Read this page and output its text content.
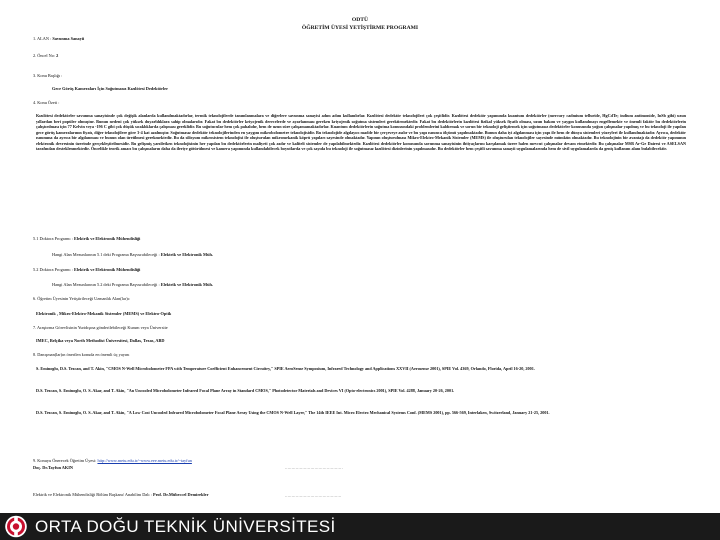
ODTÜ
ÖĞRETİM ÜYESİ YETİŞTİRME PROGRAMI
1. ALAN : Savunma Sanayii
2. Öncel No: 2
3. Konu Başlığı :
Gece Görüş Kameraları İçin Soğutmasız Kızılötesi Dedektörler
4. Konu Özeti :
Kızılötesi dedektörler savunma sanayisinde çok değişik alanlarda kullanılmaktadırlar, termik teknolojilerde tanımlanmalara ve diğerlere savunma sanayisi adım adım kullanılırlar. Kızılötesi dedektör teknolojileri çok çeşitlidir. Kızılötesi dedektör yapımında kuantum dedektörler (mercury cadmium telluride, HgCdTe; indium antimonide, InSb gibi) uzun yıllardan beri popüler olmuştur. Bunun nedeni çok yüksek duyarlılıklara sahip olmalarıdır. Fakat bu dedektörler kriyojenik derecelerde ve ayarlanması gereken kriyojenik soğutma sistemleri gerektirmektedir. Fakat bu dedektörlerin kızılötesi fizikal yüksek fiyatlı olması, uzun bakım ve yaygın kullanılmayı engellemekte ve önemli faktör bu dedektörlerin çalıştırılması için 77 Kelvin veya -196 C gibi çok düşük sıcaklıklarda çalışması gereklidir. Bu soğutucular hem çok pahalıdır, hem de uzun süre çalışamamaktadırlar. Kuantum dedektörlerin soğutma konusundaki problemlerini kaldırmak ve sorun bir teknoloji geliştirmek için soğutmasız dedektörler konusunda yoğun çalışmalar yapılmış ve bu teknoloji ile yapılan gece görüş kameralarının fiyatı, diğer teknolojilere göre 3-4 kat azalmıştır. Soğutmasız dedektör teknolojilerinden en yaygını mikrobolometre teknolojisidir. Bu teknolojide algılayıcı madde bir çerçeveye asılır ve bu yapı ısınınca ölçümü yapılmaktadır. Bunun daha iyi algılanması için yapı ile hem de dünya sistemleri yüzeyleri ile kullanılmaktadır. Ayrıca, dedektör ısınımına da ayrıca bir algılanması ve bunun olan üretilmesi gerekmektedir. Bu da silisyum mikrosistem teknolojisi ile oluşturulan mikromekanik köprü yapıları sayesinde olmaktadır. Yapının oluşturulması Mikro-Elektro-Mekanik Sistemler (MEMS) ile oluşturulan teknolojiler sayesinde mümkün olmaktadır. Bu teknolojinin bir avantajı da dedektör yapımının elektronik devresinin üzerinde gerçekleştirilmesidir. Bu gelişmiş yarıiletken teknolojisinin her yapılan bu dedektörlerin maliyeti çok azdır ve kaliteli sistemler de yapılabilmektedir. Kızılötesi dedektörler konusunda savunma sanayisinin ihtiyaçlarını karşılamak üzere halen mevcut çalışmalar devam etmektedir. Bu çalışmalar MSB Ar-Ge Dairesi ve ASELSAN tarafından desteklenmektedir. Öncelikle teorik amacı bu çalışmaların daha da ileriye götürülmesi ve kamera yapımında kullanılabilecek boyutlarda ve çok sayıda bu teknoloji ile soğutmasız kızılötesi dizinlerinin yapılmasıdır. Bu dedektörler hem çeşitli savunma sanayii uygulamalarında hem de sivil uygulamalarda da geniş kullanım alanı bulabilecektir.
5.1 Doktora Programı : Elektrik ve Elektronik Mühendisliği
Hangi Alan Mezunlarının 5.1 deki Programa Başvurabileceği : Elektrik ve Elektronik Müh.
5.2 Doktora Programı : Elektrik ve Elektronik Mühendisliği
Hangi Alan Mezunlarının 5.2 deki Programa Başvurabileceği : Elektrik ve Elektronik Müh.
6. Öğretim Üyesinin Yetiştirileceği Uzmanlık Alan(lar)ı:
Elektronik , Mikro-Elektro-Mekanik Sistemler (MEMS) ve Elektro-Optik
7. Araştırma Görevlisinin Yurtdışına gönderilebileceği Kurum veya Üniversite
IMEC, Belçika veya North Methodist Üniversitesi, Dallas, Texas, ABD
8. Danışman(lar)ın önerilen konuda en önemli üç yayını
S. Eminoglu, D.S. Tezcan, and T. Akin, "CMOS N-Well Microbolometer FPA with Temperature Coefficient Enhancement Circuitry," SPIE AeroSense Symposium, Infrared Technology and Applications XXVII (Aerosense 2001), SPIE Vol. 4369, Orlando, Florida, April 16-20, 2001.
D.S. Tezcan, S. Eminoglu, O. S. Akar, and T. Akin, "An Uncooled Microbolometer Infrared Focal Plane Array in Standard CMOS," Photodetector Materials and Devices VI (Opto-electronics 2001), SPIE Vol. 4288, January 20-26, 2001.
D.S. Tezcan, S. Eminoglu, O. S. Akar, and T. Akin, "A Low Cost Uncooled Infrared Microbolometer Focal Plane Array Using the CMOS N-Well Layer," The 14th IEEE Int. Micro Electro Mechanical Systems Conf. (MEMS 2001), pp. 566-569, Interlaken, Switzerland, January 21-25, 2001.
9. Konuyu Önerecek Öğretim Üyesi: http://www.metu.edu.tr/~www.eee.metu.edu.tr/~tayfun
Doç. Dr.Tayfun AKIN	...........................................
Elektrik ve Elektronik Mühendisliği Bölüm Başkanı/ Anabilim Dalı : Prof. Dr.Mübeccel Demirekler	..........................................
ORTA DOĞU TEKNİK ÜNİVERSİTESİ
